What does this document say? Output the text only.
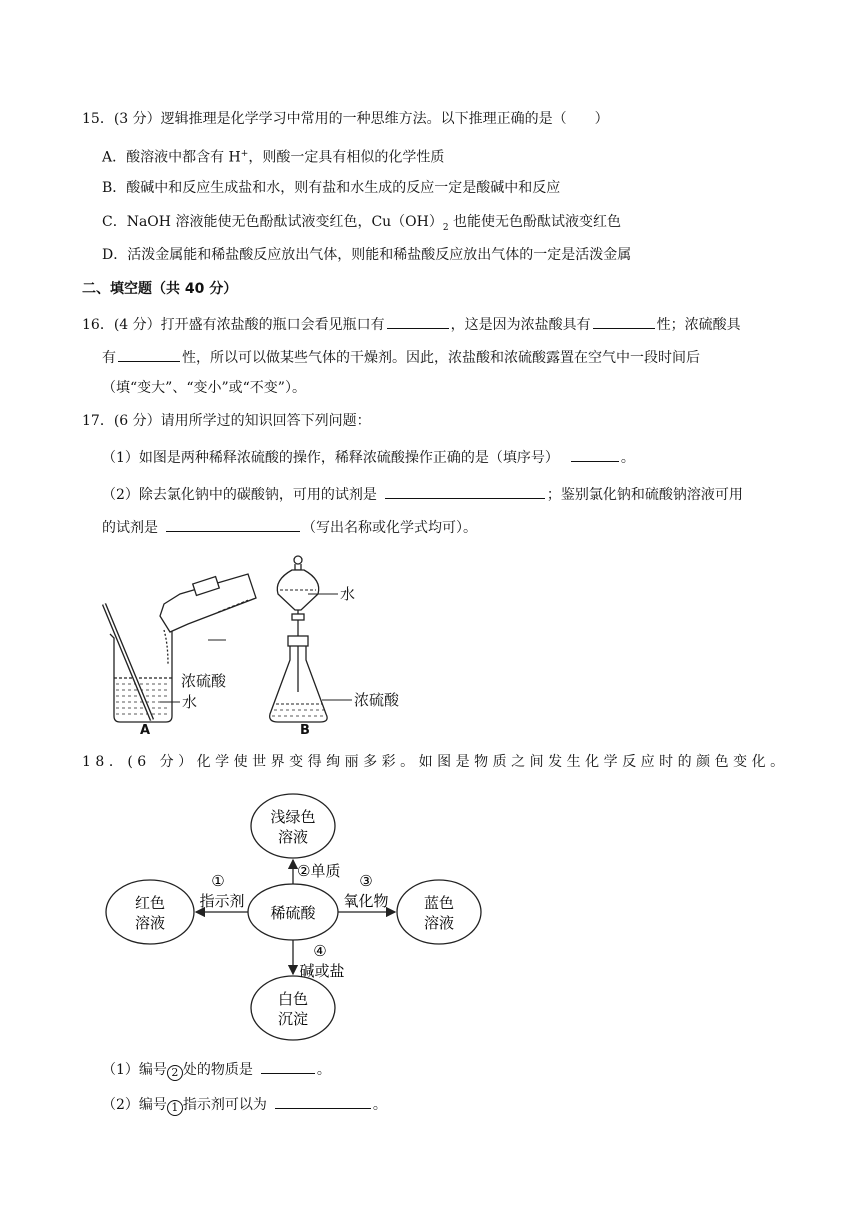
15．(3 分）逻辑推理是化学学习中常用的一种思维方法。以下推理正确的是（　　）
A．酸溶液中都含有 H+，则酸一定具有相似的化学性质
B．酸碱中和反应生成盐和水，则有盐和水生成的反应一定是酸碱中和反应
C．NaOH 溶液能使无色酚酞试液变红色，$Cu(OH)_2$ 也能使无色酚酞试液变红色
D．活泼金属能和稀盐酸反应放出气体，则能和稀盐酸反应放出气体的一定是活泼金属
二、填空题（共 40 分）
16．(4 分）打开盛有浓盐酸的瓶口会看见瓶口有	，这是因为浓盐酸具有	性；浓硫酸具
有	性，所以可以做某些气体的干燥剂。因此，浓盐酸和浓硫酸露置在空气中一段时间后
（填“变大”、“变小”或“不变”）。
17．(6 分）请用所学过的知识回答下列问题：
（1）如图是两种稀释浓硫酸的操作，稀释浓硫酸操作正确的是（填序号）	。
（2）除去氯化钠中的碳酸钠，可用的试剂是	；鉴别氯化钠和硫酸钠溶液可用
的试剂是	（写出名称或化学式均可）。
浓硫酸
水
A
水
浓硫酸
B
18．(6 分）化学使世界变得绚丽多彩。如图是物质之间发生化学反应时的颜色变化。
浅绿色
溶液
红色
溶液
稀硫酸
蓝色
溶液
白色
沉淀
②单质
①
指示剂
③
氧化物
④
碱或盐
（1）编号 2 处的物质是	。
（2）编号 1 指示剂可以为	。
